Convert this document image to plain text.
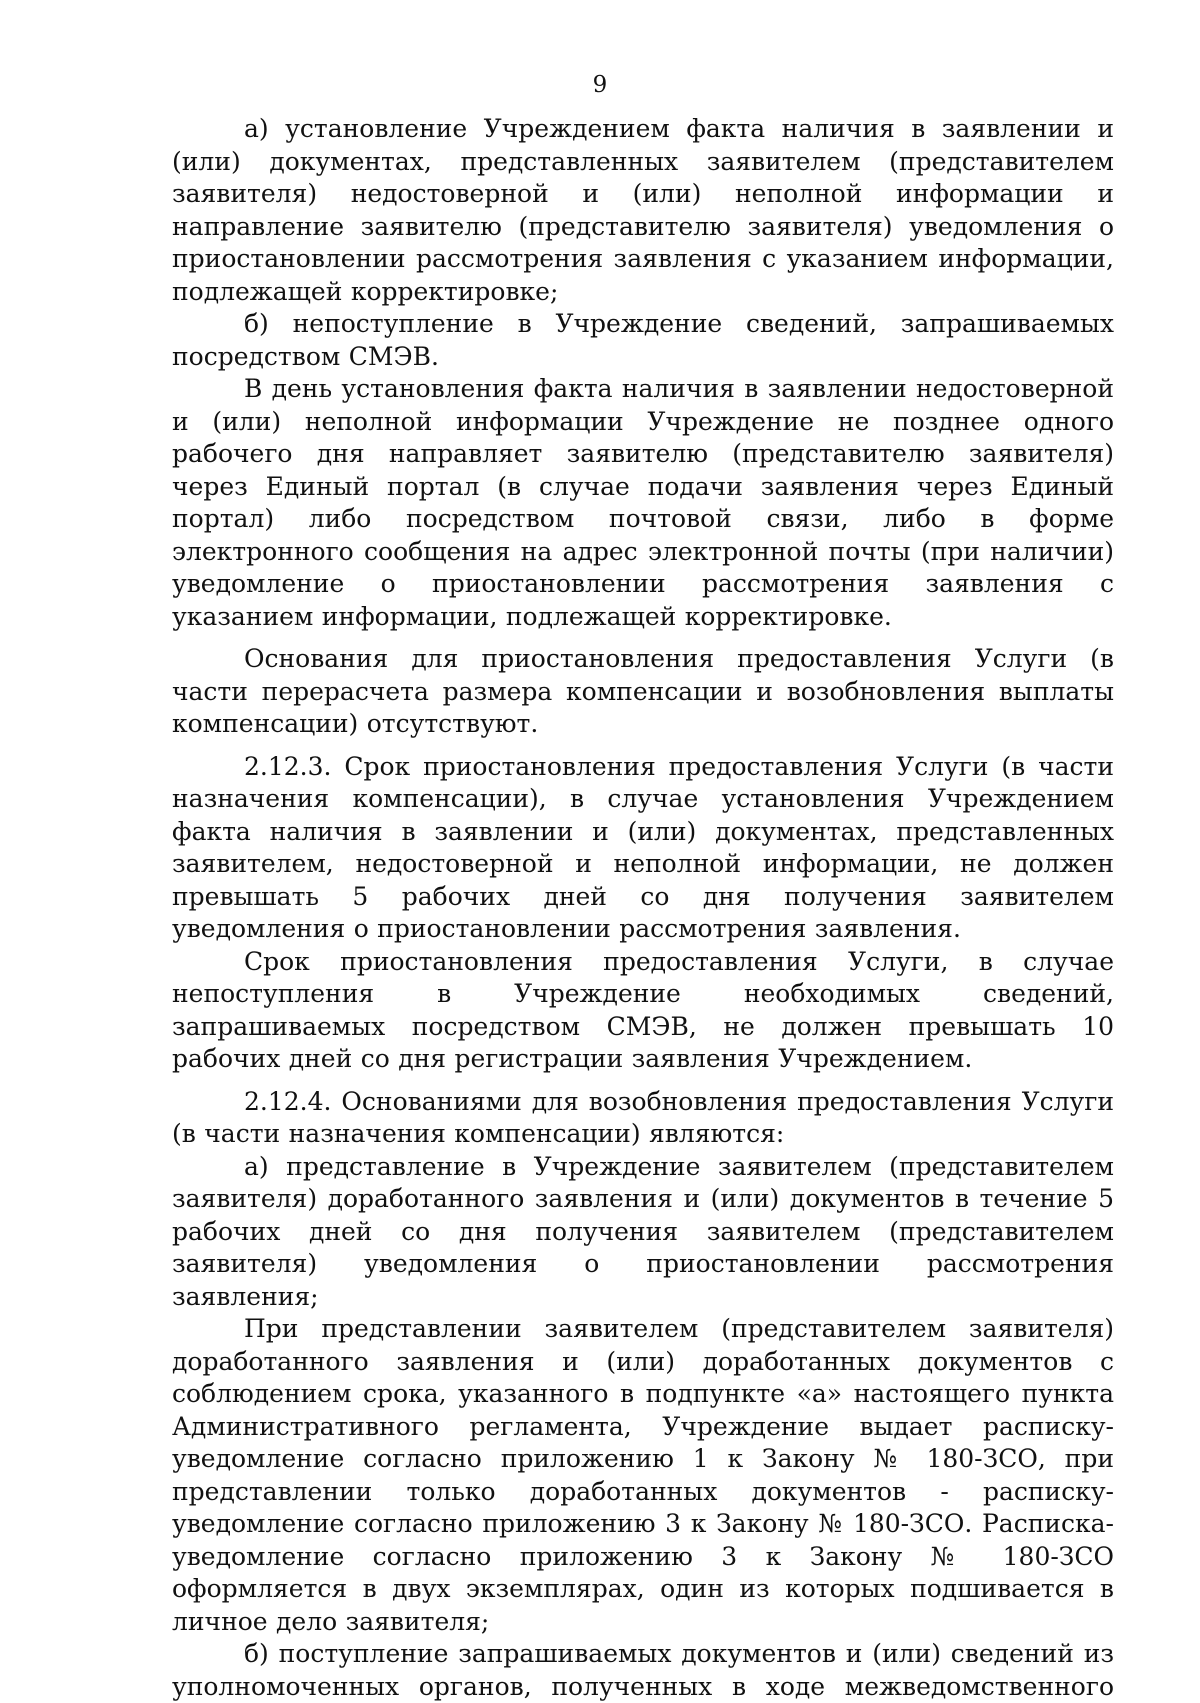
9

а) установление Учреждением факта наличия в заявлении и (или) документах, представленных заявителем (представителем заявителя) недостоверной и (или) неполной информации и направление заявителю (представителю заявителя) уведомления о приостановлении рассмотрения заявления с указанием информации, подлежащей корректировке;

б) непоступление в Учреждение сведений, запрашиваемых посредством СМЭВ.

В день установления факта наличия в заявлении недостоверной и (или) неполной информации Учреждение не позднее одного рабочего дня направляет заявителю (представителю заявителя) через Единый портал (в случае подачи заявления через Единый портал) либо посредством почтовой связи, либо в форме электронного сообщения на адрес электронной почты (при наличии) уведомление о приостановлении рассмотрения заявления с указанием информации, подлежащей корректировке.

Основания для приостановления предоставления Услуги (в части перерасчета размера компенсации и возобновления выплаты компенсации) отсутствуют.

2.12.3. Срок приостановления предоставления Услуги (в части назначения компенсации), в случае установления Учреждением факта наличия в заявлении и (или) документах, представленных заявителем, недостоверной и неполной информации, не должен превышать 5 рабочих дней со дня получения заявителем уведомления о приостановлении рассмотрения заявления.

Срок приостановления предоставления Услуги, в случае непоступления в Учреждение необходимых сведений, запрашиваемых посредством СМЭВ, не должен превышать 10 рабочих дней со дня регистрации заявления Учреждением.

2.12.4. Основаниями для возобновления предоставления Услуги (в части назначения компенсации) являются:

а) представление в Учреждение заявителем (представителем заявителя) доработанного заявления и (или) документов в течение 5 рабочих дней со дня получения заявителем (представителем заявителя) уведомления о приостановлении рассмотрения заявления;

При представлении заявителем (представителем заявителя) доработанного заявления и (или) доработанных документов с соблюдением срока, указанного в подпункте «а» настоящего пункта Административного регламента, Учреждение выдает расписку-уведомление согласно приложению 1 к Закону № 180-ЗСО, при представлении только доработанных документов - расписку-уведомление согласно приложению 3 к Закону № 180-ЗСО. Расписка-уведомление согласно приложению 3 к Закону № 180-ЗСО оформляется в двух экземплярах, один из которых подшивается в личное дело заявителя;

б) поступление запрашиваемых документов и (или) сведений из уполномоченных органов, полученных в ходе межведомственного
